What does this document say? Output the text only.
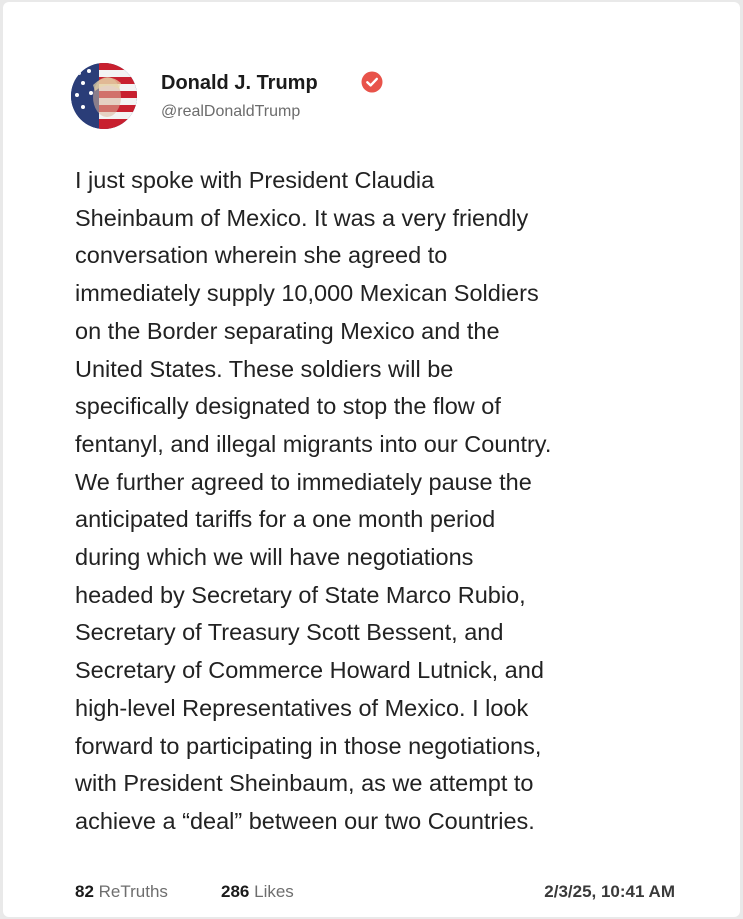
Donald J. Trump
@realDonaldTrump
I just spoke with President Claudia
Sheinbaum of Mexico. It was a very friendly
conversation wherein she agreed to
immediately supply 10,000 Mexican Soldiers
on the Border separating Mexico and the
United States. These soldiers will be
specifically designated to stop the flow of
fentanyl, and illegal migrants into our Country.
We further agreed to immediately pause the
anticipated tariffs for a one month period
during which we will have negotiations
headed by Secretary of State Marco Rubio,
Secretary of Treasury Scott Bessent, and
Secretary of Commerce Howard Lutnick, and
high-level Representatives of Mexico. I look
forward to participating in those negotiations,
with President Sheinbaum, as we attempt to
achieve a “deal” between our two Countries.
82 ReTruths	286 Likes	2/3/25, 10:41 AM
